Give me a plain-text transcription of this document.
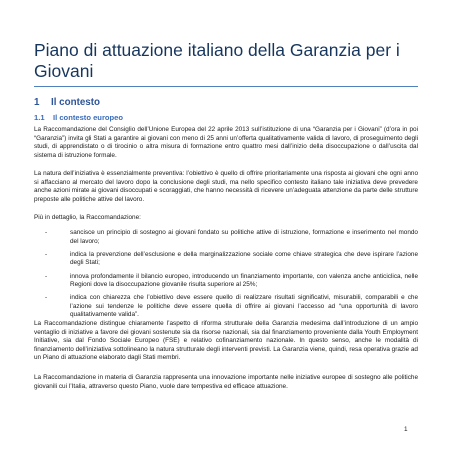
Piano di attuazione italiano della Garanzia per i Giovani
1 Il contesto
1.1 Il contesto europeo

La Raccomandazione del Consiglio dell’Unione Europea del 22 aprile 2013 sull’istituzione di una “Garanzia per i Giovani” (d’ora in poi “Garanzia”) invita gli Stati a garantire ai giovani con meno di 25 anni un’offerta qualitativamente valida di lavoro, di proseguimento degli studi, di apprendistato o di tirocinio o altra misura di formazione entro quattro mesi dall’inizio della disoccupazione o dall’uscita dal sistema di istruzione formale.

La natura dell’iniziativa è essenzialmente preventiva: l’obiettivo è quello di offrire prioritariamente una risposta ai giovani che ogni anno si affacciano al mercato del lavoro dopo la conclusione degli studi, ma nello specifico contesto italiano tale iniziativa deve prevedere anche azioni mirate ai giovani disoccupati e scoraggiati, che hanno necessità di ricevere un’adeguata attenzione da parte delle strutture preposte alle politiche attive del lavoro.

Più in dettaglio, la Raccomandazione:

-	sancisce un principio di sostegno ai giovani fondato su politiche attive di istruzione, formazione e inserimento nel mondo del lavoro;
-	indica la prevenzione dell’esclusione e della marginalizzazione sociale come chiave strategica che deve ispirare l’azione degli Stati;
-	innova profondamente il bilancio europeo, introducendo un finanziamento importante, con valenza anche anticiclica, nelle Regioni dove la disoccupazione giovanile risulta superiore al 25%;
-	indica con chiarezza che l’obiettivo deve essere quello di realizzare risultati significativi, misurabili, comparabili e che l’azione sui tendenze le politiche deve essere quella di offrire ai giovani l’accesso ad “una opportunità di lavoro qualitativamente valida”.

La Raccomandazione distingue chiaramente l’aspetto di riforma strutturale della Garanzia medesima dall’introduzione di un ampio ventaglio di iniziative a favore dei giovani sostenute sia da risorse nazionali, sia dal finanziamento proveniente dalla Youth Employment Initiative, sia dal Fondo Sociale Europeo (FSE) e relativo cofinanziamento nazionale. In questo senso, anche le modalità di finanziamento dell’iniziativa sottolineano la natura strutturale degli interventi previsti. La Garanzia viene, quindi, resa operativa grazie ad un Piano di attuazione elaborato dagli Stati membri.

La Raccomandazione in materia di Garanzia rappresenta una innovazione importante nelle iniziative europee di sostegno alle politiche giovanili cui l’Italia, attraverso questo Piano, vuole dare tempestiva ed efficace attuazione.

1
